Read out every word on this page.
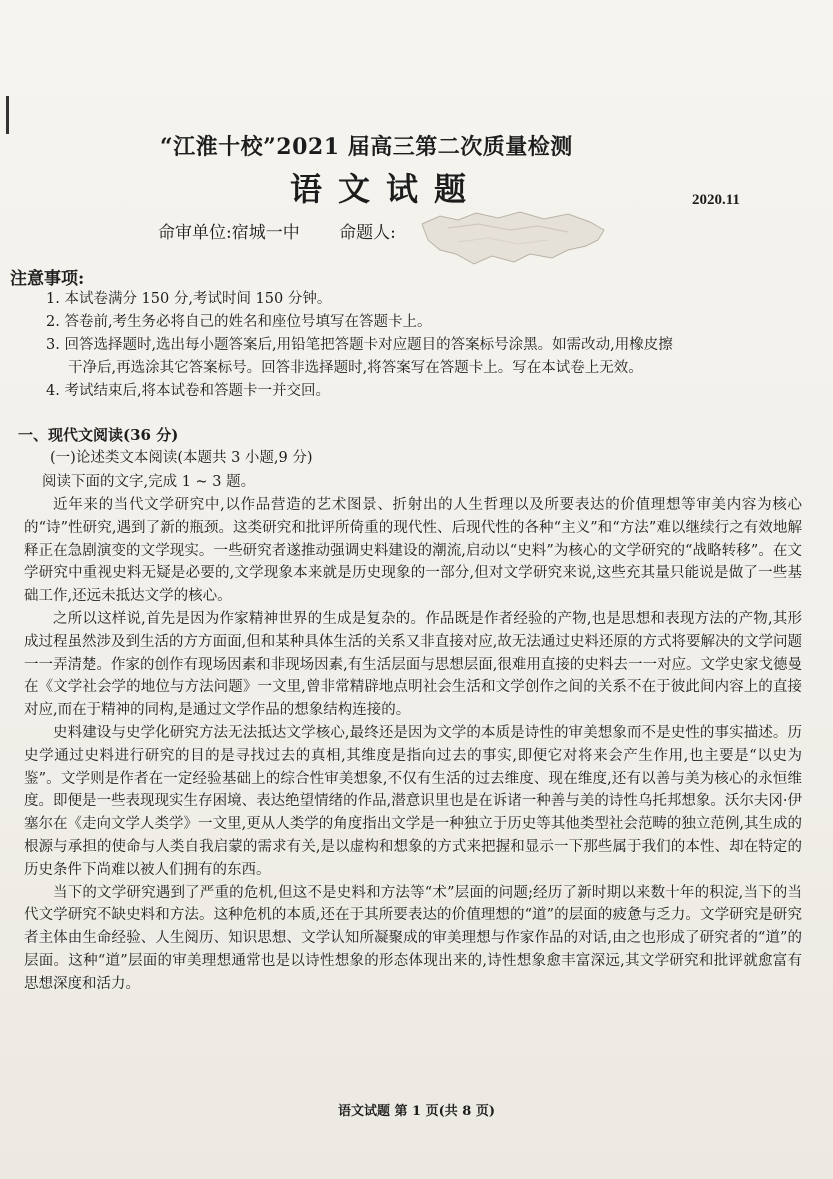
“江淮十校”2021 届高三第二次质量检测
语文试题	2020.11
命审单位:宿城一中 命题人:
注意事项:
1. 本试卷满分 150 分,考试时间 150 分钟。
2. 答卷前,考生务必将自己的姓名和座位号填写在答题卡上。
3. 回答选择题时,选出每小题答案后,用铅笔把答题卡对应题目的答案标号涂黑。如需改动,用橡皮擦
干净后,再选涂其它答案标号。回答非选择题时,将答案写在答题卡上。写在本试卷上无效。
4. 考试结束后,将本试卷和答题卡一并交回。
一、现代文阅读(36 分)
(一)论述类文本阅读(本题共 3 小题,9 分)
阅读下面的文字,完成 1 ~ 3 题。

近年来的当代文学研究中,以作品营造的艺术图景、折射出的人生哲理以及所要表达的价值理想等审美内容为核心的“诗”性研究,遇到了新的瓶颈。这类研究和批评所倚重的现代性、后现代性的各种“主义”和“方法”难以继续行之有效地解释正在急剧演变的文学现实。一些研究者遂推动强调史料建设的潮流,启动以“史料”为核心的文学研究的“战略转移”。在文学研究中重视史料无疑是必要的,文学现象本来就是历史现象的一部分,但对文学研究来说,这些充其量只能说是做了一些基础工作,还远未抵达文学的核心。

之所以这样说,首先是因为作家精神世界的生成是复杂的。作品既是作者经验的产物,也是思想和表现方法的产物,其形成过程虽然涉及到生活的方方面面,但和某种具体生活的关系又非直接对应,故无法通过史料还原的方式将要解决的文学问题一一弄清楚。作家的创作有现场因素和非现场因素,有生活层面与思想层面,很难用直接的史料去一一对应。文学史家戈德曼在《文学社会学的地位与方法问题》一文里,曾非常精辟地点明社会生活和文学创作之间的关系不在于彼此间内容上的直接对应,而在于精神的同构,是通过文学作品的想象结构连接的。

史料建设与史学化研究方法无法抵达文学核心,最终还是因为文学的本质是诗性的审美想象而不是史性的事实描述。历史学通过史料进行研究的目的是寻找过去的真相,其维度是指向过去的事实,即便它对将来会产生作用,也主要是“以史为鉴”。文学则是作者在一定经验基础上的综合性审美想象,不仅有生活的过去维度、现在维度,还有以善与美为核心的永恒维度。即便是一些表现现实生存困境、表达绝望情绪的作品,潜意识里也是在诉诸一种善与美的诗性乌托邦想象。沃尔夫冈·伊塞尔在《走向文学人类学》一文里,更从人类学的角度指出文学是一种独立于历史等其他类型社会范畴的独立范例,其生成的根源与承担的使命与人类自我启蒙的需求有关,是以虚构和想象的方式来把握和显示一下那些属于我们的本性、却在特定的历史条件下尚难以被人们拥有的东西。

当下的文学研究遇到了严重的危机,但这不是史料和方法等“术”层面的问题;经历了新时期以来数十年的积淀,当下的当代文学研究不缺史料和方法。这种危机的本质,还在于其所要表达的价值理想的“道”的层面的疲惫与乏力。文学研究是研究者主体由生命经验、人生阅历、知识思想、文学认知所凝聚成的审美理想与作家作品的对话,由之也形成了研究者的“道”的层面。这种“道”层面的审美理想通常也是以诗性想象的形态体现出来的,诗性想象愈丰富深远,其文学研究和批评就愈富有思想深度和活力。

语文试题 第 1 页(共 8 页)
